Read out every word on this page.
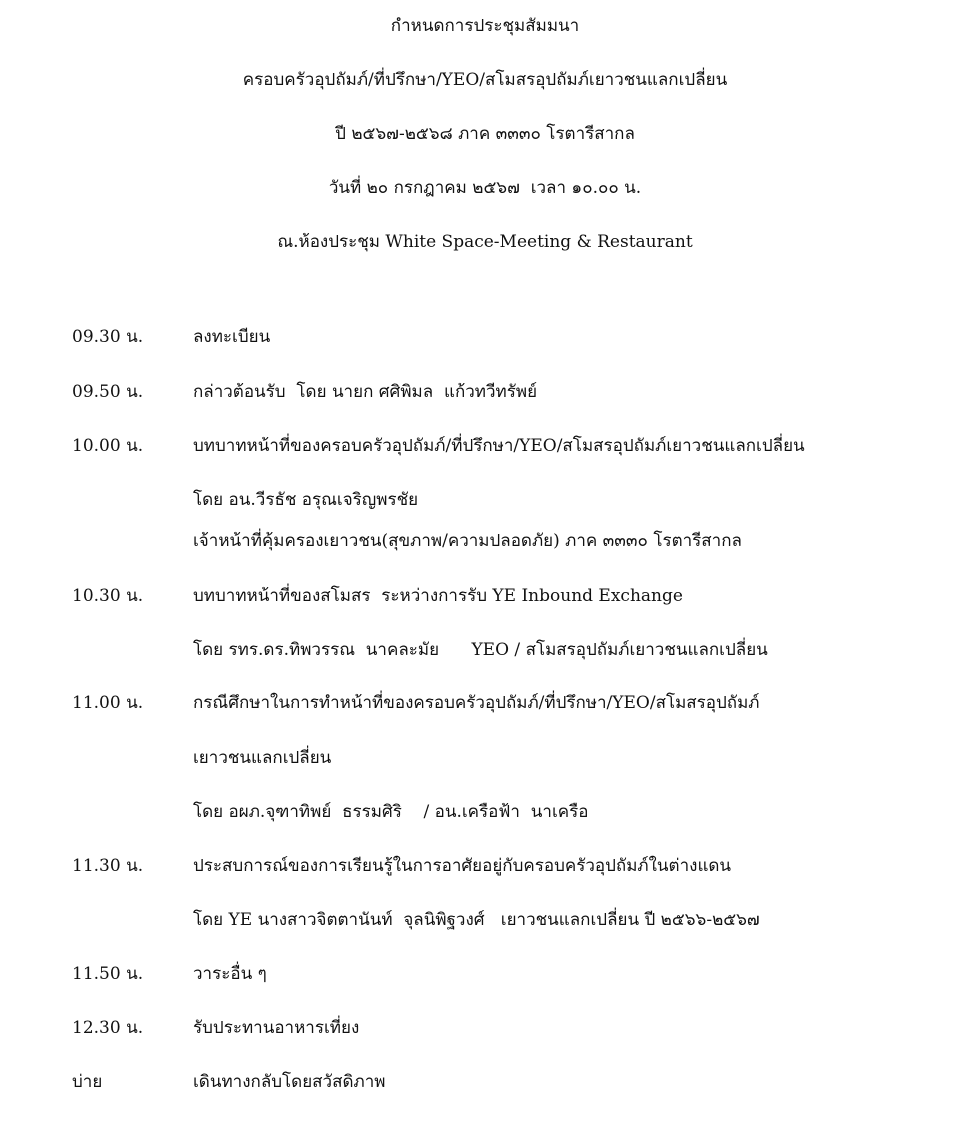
กำหนดการประชุมสัมมนา
ครอบครัวอุปถัมภ์/ที่ปรึกษา/YEO/สโมสรอุปถัมภ์เยาวชนแลกเปลี่ยน
ปี ๒๕๖๗-๒๕๖๘ ภาค ๓๓๓๐ โรตารีสากล
วันที่ ๒๐ กรกฎาคม ๒๕๖๗  เวลา ๑๐.๐๐ น.
ณ.ห้องประชุม White Space-Meeting & Restaurant
09.30 น.	ลงทะเบียน
09.50 น.	กล่าวต้อนรับ  โดย นายก ศศิพิมล  แก้วทวีทรัพย์
10.00 น.	บทบาทหน้าที่ของครอบครัวอุปถัมภ์/ที่ปรึกษา/YEO/สโมสรอุปถัมภ์เยาวชนแลกเปลี่ยน
โดย อน.วีรธัช อรุณเจริญพรชัย
เจ้าหน้าที่คุ้มครองเยาวชน(สุขภาพ/ความปลอดภัย) ภาค ๓๓๓๐ โรตารีสากล
10.30 น.	บทบาทหน้าที่ของสโมสร  ระหว่างการรับ YE Inbound Exchange
โดย รทร.ดร.ทิพวรรณ  นาคละมัย      YEO / สโมสรอุปถัมภ์เยาวชนแลกเปลี่ยน
11.00 น.	กรณีศึกษาในการทำหน้าที่ของครอบครัวอุปถัมภ์/ที่ปรึกษา/YEO/สโมสรอุปถัมภ์
เยาวชนแลกเปลี่ยน
โดย อผภ.จุฑาทิพย์  ธรรมศิริ    / อน.เครือฟ้า  นาเครือ
11.30 น.	ประสบการณ์ของการเรียนรู้ในการอาศัยอยู่กับครอบครัวอุปถัมภ์ในต่างแดน
โดย YE นางสาวจิตตานันท์  จุลนิพิฐวงศ์   เยาวชนแลกเปลี่ยน ปี ๒๕๖๖-๒๕๖๗
11.50 น.	วาระอื่น ๆ
12.30 น.	รับประทานอาหารเที่ยง
บ่าย	เดินทางกลับโดยสวัสดิภาพ
